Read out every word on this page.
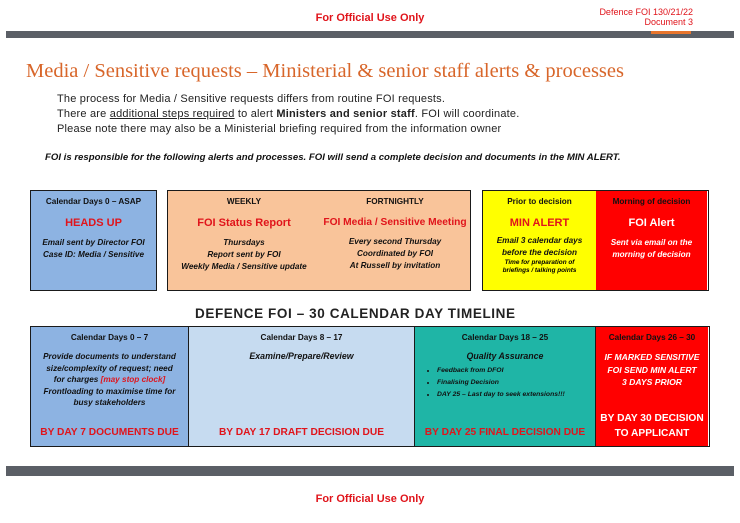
For Official Use Only	Defence FOI 130/21/22
Document 3
Media / Sensitive requests – Ministerial & senior staff alerts & processes
The process for Media / Sensitive requests differs from routine FOI requests.
There are additional steps required to alert Ministers and senior staff. FOI will coordinate.
Please note there may also be a Ministerial briefing required from the information owner
FOI is responsible for the following alerts and processes. FOI will send a complete decision and documents in the MIN ALERT.
Calendar Days 0 – ASAP
HEADS UP
Email sent by Director FOI
Case ID: Media / Sensitive
WEEKLY
FOI Status Report
Thursdays
Report sent by FOI
Weekly Media / Sensitive update
FORTNIGHTLY
FOI Media / Sensitive Meeting
Every second Thursday
Coordinated by FOI
At Russell by invitation
Prior to decision
MIN ALERT
Email 3 calendar days
before the decision
Time for preparation of
briefings / talking points
Morning of decision
FOI Alert
Sent via email on the
morning of decision
DEFENCE FOI – 30 CALENDAR DAY TIMELINE
Calendar Days 0 – 7
Provide documents to understand
size/complexity of request; need
for charges [may stop clock]
Frontloading to maximise time for
busy stakeholders
BY DAY 7 DOCUMENTS DUE
Calendar Days 8 – 17
Examine/Prepare/Review
BY DAY 17 DRAFT DECISION DUE
Calendar Days 18 – 25
Quality Assurance
• Feedback from DFOI
• Finalising Decision
• DAY 25 – Last day to seek extensions!!!
BY DAY 25 FINAL DECISION DUE
Calendar Days 26 – 30
IF MARKED SENSITIVE
FOI SEND MIN ALERT
3 DAYS PRIOR
BY DAY 30 DECISION
TO APPLICANT
For Official Use Only
